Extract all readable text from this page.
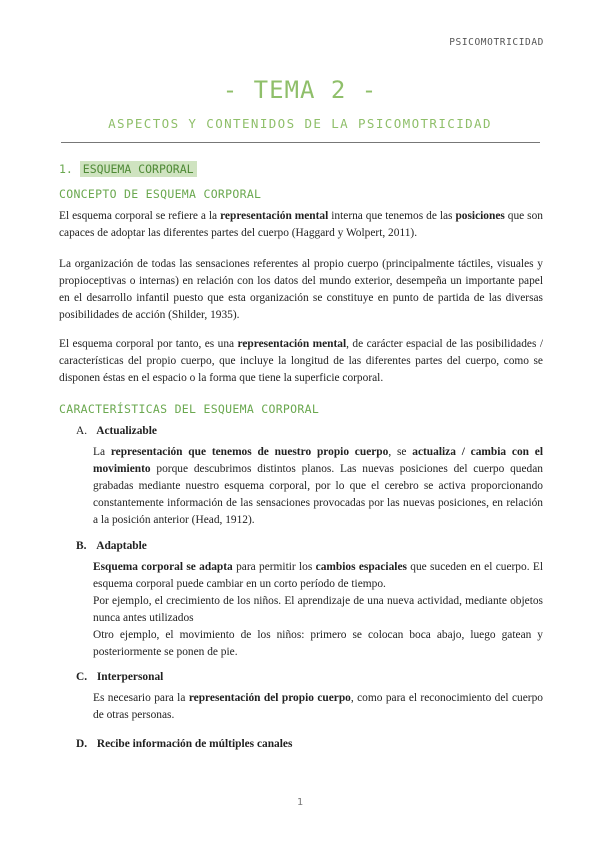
PSICOMOTRICIDAD
- TEMA 2 -
ASPECTOS Y CONTENIDOS DE LA PSICOMOTRICIDAD
1. ESQUEMA CORPORAL
CONCEPTO DE ESQUEMA CORPORAL
El esquema corporal se refiere a la representación mental interna que tenemos de las posiciones que son capaces de adoptar las diferentes partes del cuerpo (Haggard y Wolpert, 2011).
La organización de todas las sensaciones referentes al propio cuerpo (principalmente táctiles, visuales y propioceptivas o internas) en relación con los datos del mundo exterior, desempeña un importante papel en el desarrollo infantil puesto que esta organización se constituye en punto de partida de las diversas posibilidades de acción (Shilder, 1935).
El esquema corporal por tanto, es una representación mental, de carácter espacial de las posibilidades / características del propio cuerpo, que incluye la longitud de las diferentes partes del cuerpo, como se disponen éstas en el espacio o la forma que tiene la superficie corporal.
CARACTERÍSTICAS DEL ESQUEMA CORPORAL
A. Actualizable
La representación que tenemos de nuestro propio cuerpo, se actualiza / cambia con el movimiento porque descubrimos distintos planos. Las nuevas posiciones del cuerpo quedan grabadas mediante nuestro esquema corporal, por lo que el cerebro se activa proporcionando constantemente información de las sensaciones provocadas por las nuevas posiciones, en relación a la posición anterior (Head, 1912).
B. Adaptable
Esquema corporal se adapta para permitir los cambios espaciales que suceden en el cuerpo. El esquema corporal puede cambiar en un corto período de tiempo.
Por ejemplo, el crecimiento de los niños. El aprendizaje de una nueva actividad, mediante objetos nunca antes utilizados
Otro ejemplo, el movimiento de los niños: primero se colocan boca abajo, luego gatean y posteriormente se ponen de pie.
C. Interpersonal
Es necesario para la representación del propio cuerpo, como para el reconocimiento del cuerpo de otras personas.
D. Recibe información de múltiples canales
1
